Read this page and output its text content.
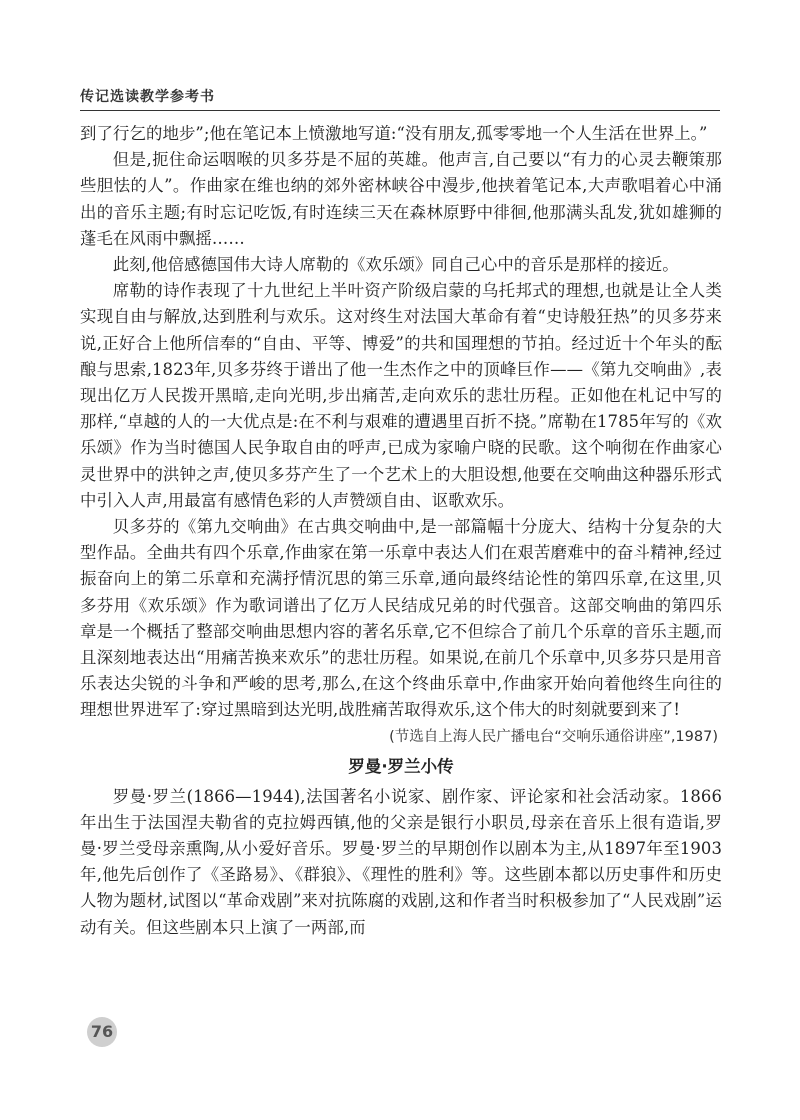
传记选读教学参考书

到了行乞的地步”;他在笔记本上愤激地写道:“没有朋友,孤零零地一个人生活在世界上。”

但是,扼住命运咽喉的贝多芬是不屈的英雄。他声言,自己要以“有力的心灵去鞭策那些胆怯的人”。作曲家在维也纳的郊外密林峡谷中漫步,他挟着笔记本,大声歌唱着心中涌出的音乐主题;有时忘记吃饭,有时连续三天在森林原野中徘徊,他那满头乱发,犹如雄狮的蓬毛在风雨中飘摇……

此刻,他倍感德国伟大诗人席勒的《欢乐颂》同自己心中的音乐是那样的接近。

席勒的诗作表现了十九世纪上半叶资产阶级启蒙的乌托邦式的理想,也就是让全人类实现自由与解放,达到胜利与欢乐。这对终生对法国大革命有着“史诗般狂热”的贝多芬来说,正好合上他所信奉的“自由、平等、博爱”的共和国理想的节拍。经过近十个年头的酝酿与思索,1823年,贝多芬终于谱出了他一生杰作之中的顶峰巨作——《第九交响曲》,表现出亿万人民拨开黑暗,走向光明,步出痛苦,走向欢乐的悲壮历程。正如他在札记中写的那样,“卓越的人的一大优点是:在不利与艰难的遭遇里百折不挠。”席勒在1785年写的《欢乐颂》作为当时德国人民争取自由的呼声,已成为家喻户晓的民歌。这个响彻在作曲家心灵世界中的洪钟之声,使贝多芬产生了一个艺术上的大胆设想,他要在交响曲这种器乐形式中引入人声,用最富有感情色彩的人声赞颂自由、讴歌欢乐。

贝多芬的《第九交响曲》在古典交响曲中,是一部篇幅十分庞大、结构十分复杂的大型作品。全曲共有四个乐章,作曲家在第一乐章中表达人们在艰苦磨难中的奋斗精神,经过振奋向上的第二乐章和充满抒情沉思的第三乐章,通向最终结论性的第四乐章,在这里,贝多芬用《欢乐颂》作为歌词谱出了亿万人民结成兄弟的时代强音。这部交响曲的第四乐章是一个概括了整部交响曲思想内容的著名乐章,它不但综合了前几个乐章的音乐主题,而且深刻地表达出“用痛苦换来欢乐”的悲壮历程。如果说,在前几个乐章中,贝多芬只是用音乐表达尖锐的斗争和严峻的思考,那么,在这个终曲乐章中,作曲家开始向着他终生向往的理想世界进军了:穿过黑暗到达光明,战胜痛苦取得欢乐,这个伟大的时刻就要到来了!

(节选自上海人民广播电台“交响乐通俗讲座”,1987)

罗曼·罗兰小传

罗曼·罗兰(1866—1944),法国著名小说家、剧作家、评论家和社会活动家。1866年出生于法国涅夫勒省的克拉姆西镇,他的父亲是银行小职员,母亲在音乐上很有造诣,罗曼·罗兰受母亲熏陶,从小爱好音乐。罗曼·罗兰的早期创作以剧本为主,从1897年至1903年,他先后创作了《圣路易》、《群狼》、《理性的胜利》等。这些剧本都以历史事件和历史人物为题材,试图以“革命戏剧”来对抗陈腐的戏剧,这和作者当时积极参加了“人民戏剧”运动有关。但这些剧本只上演了一两部,而

76
